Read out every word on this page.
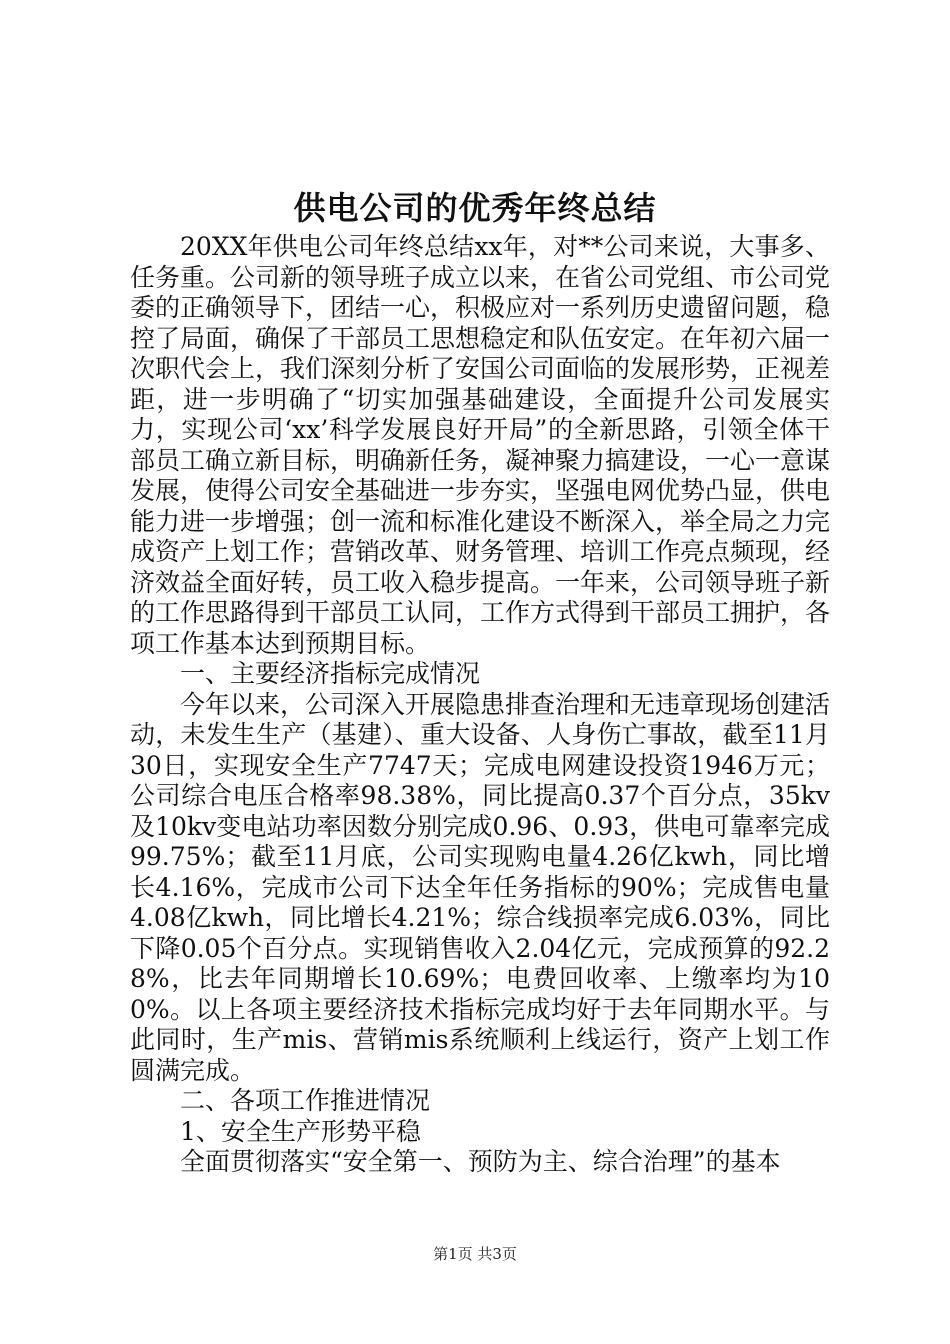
供电公司的优秀年终总结

20XX年供电公司年终总结xx年，对**公司来说，大事多、任务重。公司新的领导班子成立以来，在省公司党组、市公司党委的正确领导下，团结一心，积极应对一系列历史遗留问题，稳控了局面，确保了干部员工思想稳定和队伍安定。在年初六届一次职代会上，我们深刻分析了安国公司面临的发展形势，正视差距，进一步明确了“切实加强基础建设，全面提升公司发展实力，实现公司‘xx’科学发展良好开局”的全新思路，引领全体干部员工确立新目标，明确新任务，凝神聚力搞建设，一心一意谋发展，使得公司安全基础进一步夯实，坚强电网优势凸显，供电能力进一步增强；创一流和标准化建设不断深入，举全局之力完成资产上划工作；营销改革、财务管理、培训工作亮点频现，经济效益全面好转，员工收入稳步提高。一年来，公司领导班子新的工作思路得到干部员工认同，工作方式得到干部员工拥护，各项工作基本达到预期目标。

一、主要经济指标完成情况

今年以来，公司深入开展隐患排查治理和无违章现场创建活动，未发生生产（基建）、重大设备、人身伤亡事故，截至11月30日，实现安全生产7747天；完成电网建设投资1946万元；公司综合电压合格率98.38%，同比提高0.37个百分点，35kv及10kv变电站功率因数分别完成0.96、0.93，供电可靠率完成99.75%；截至11月底，公司实现购电量4.26亿kwh，同比增长4.16%，完成市公司下达全年任务指标的90%；完成售电量4.08亿kwh，同比增长4.21%；综合线损率完成6.03%，同比下降0.05个百分点。实现销售收入2.04亿元，完成预算的92.28%，比去年同期增长10.69%；电费回收率、上缴率均为100%。以上各项主要经济技术指标完成均好于去年同期水平。与此同时，生产mis、营销mis系统顺利上线运行，资产上划工作圆满完成。

二、各项工作推进情况

1、安全生产形势平稳

全面贯彻落实“安全第一、预防为主、综合治理”的基本

第1页 共3页
